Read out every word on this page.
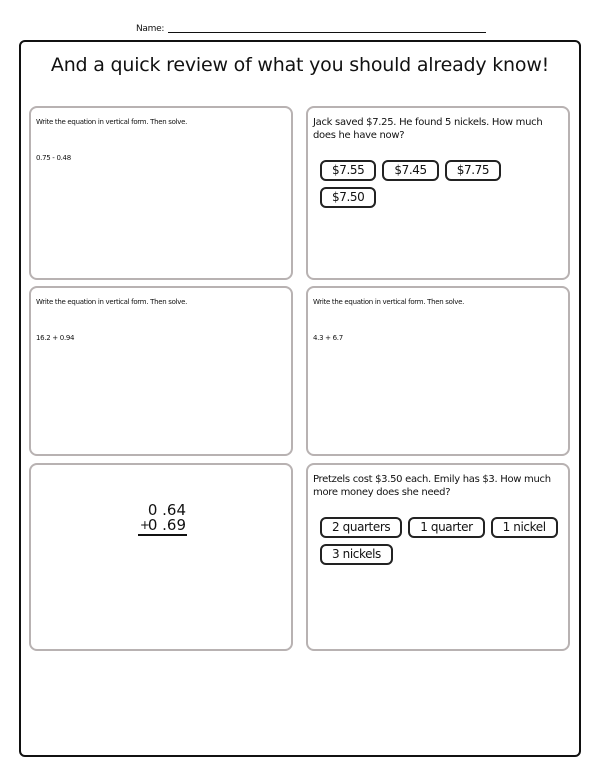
Name:
And a quick review of what you should already know!
Write the equation in vertical form. Then solve.
0.75 - 0.48
Jack saved $7.25. He found 5 nickels. How much does he have now?
$7.55	$7.45	$7.75
$7.50
Write the equation in vertical form. Then solve.
16.2 + 0.94
Write the equation in vertical form. Then solve.
4.3 + 6.7
0 .64
+
0 .69
Pretzels cost $3.50 each. Emily has $3. How much more money does she need?
2 quarters	1 quarter	1 nickel
3 nickels
